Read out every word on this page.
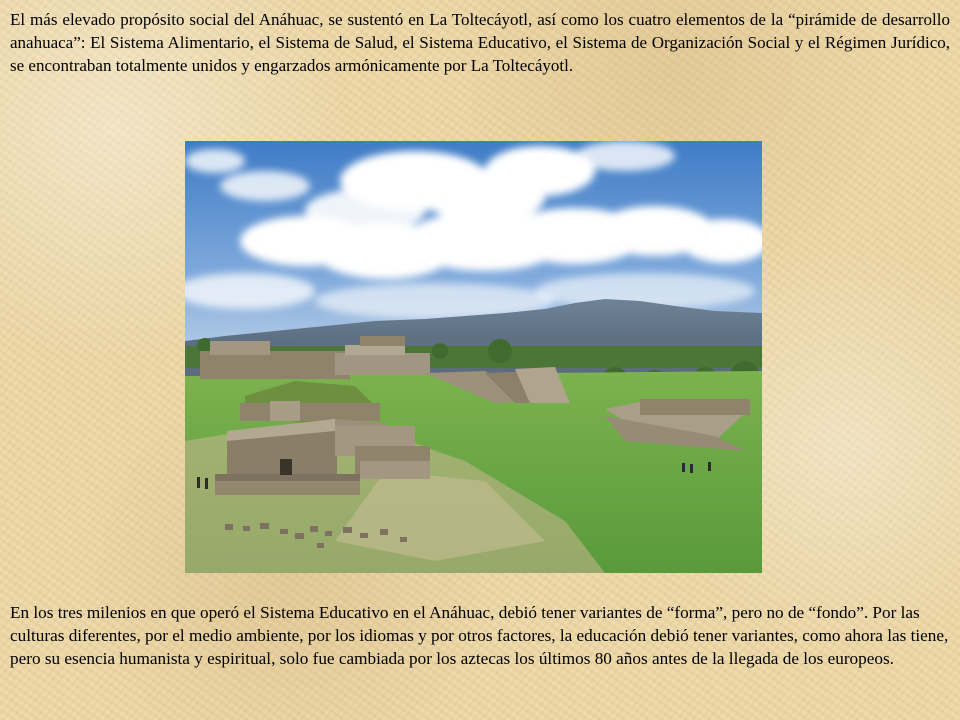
El más elevado propósito social del Anáhuac, se sustentó en La Toltecáyotl, así como los cuatro elementos de la “pirámide de desarrollo anahuaca”: El Sistema Alimentario, el Sistema de Salud, el Sistema Educativo, el Sistema de Organización Social y el Régimen Jurídico, se encontraban totalmente unidos y engarzados armónicamente por La Toltecáyotl.

En los tres milenios en que operó el Sistema Educativo en el Anáhuac, debió tener variantes de “forma”, pero no de “fondo”. Por las culturas diferentes, por el medio ambiente, por los idiomas y por otros factores, la educación debió tener variantes, como ahora las tiene, pero su esencia humanista y espiritual, solo fue cambiada por los aztecas los últimos 80 años antes de la llegada de los europeos.
